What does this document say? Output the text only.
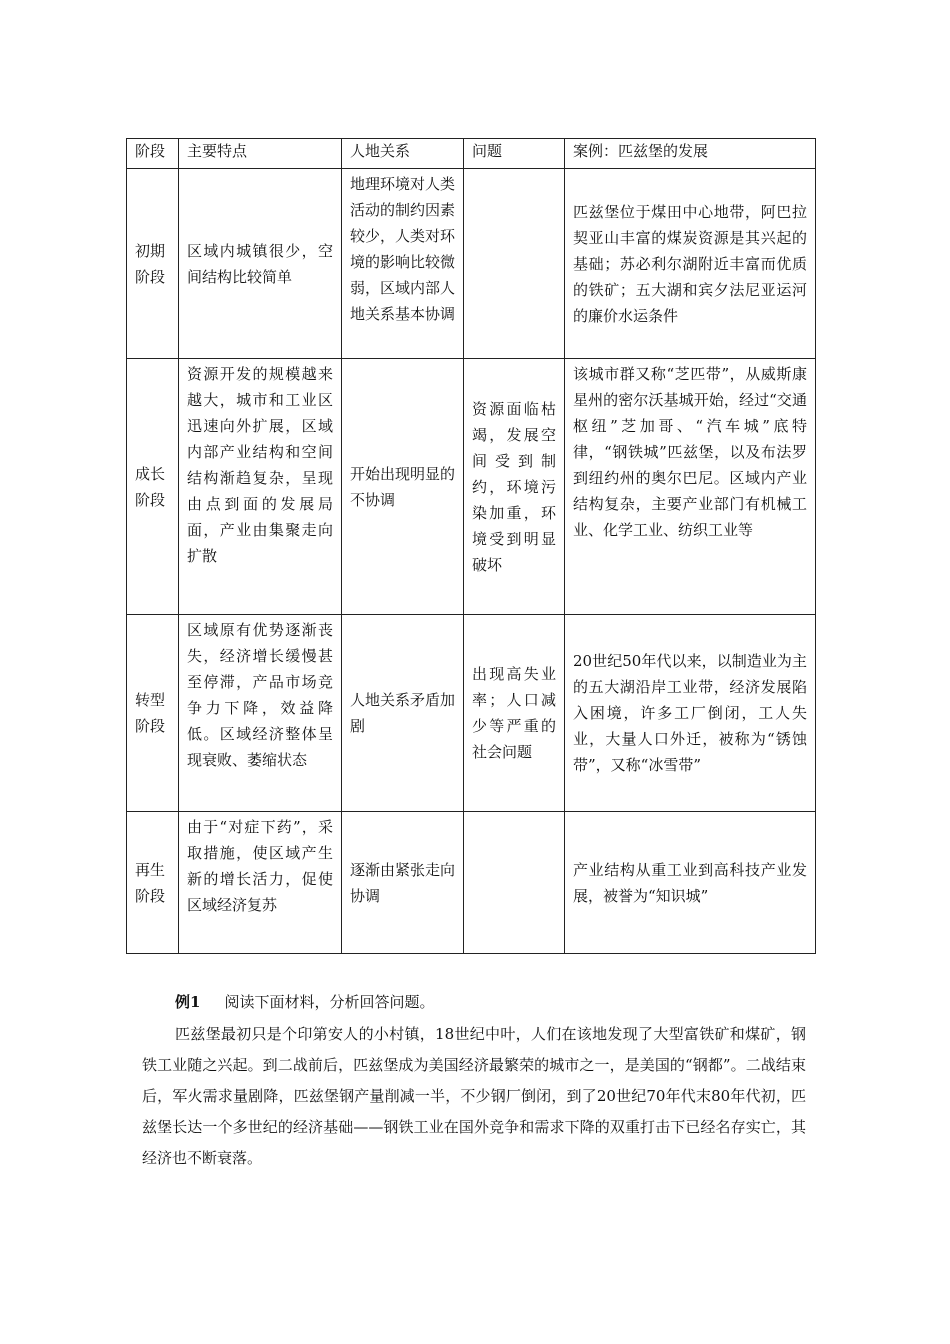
阶段	主要特点	人地关系	问题	案例：匹兹堡的发展
初期阶段	区域内城镇很少，空间结构比较简单	地理环境对人类活动的制约因素较少，人类对环境的影响比较微弱，区域内部人地关系基本协调		匹兹堡位于煤田中心地带，阿巴拉契亚山丰富的煤炭资源是其兴起的基础；苏必利尔湖附近丰富而优质的铁矿；五大湖和宾夕法尼亚运河的廉价水运条件
成长阶段	资源开发的规模越来越大，城市和工业区迅速向外扩展，区域内部产业结构和空间结构渐趋复杂，呈现由点到面的发展局面，产业由集聚走向扩散	开始出现明显的不协调	资源面临枯竭，发展空间受到制约，环境污染加重，环境受到明显破坏	该城市群又称“芝匹带”，从威斯康星州的密尔沃基城开始，经过“交通枢纽”芝加哥、“汽车城”底特律，“钢铁城”匹兹堡，以及布法罗到纽约州的奥尔巴尼。区域内产业结构复杂，主要产业部门有机械工业、化学工业、纺织工业等
转型阶段	区域原有优势逐渐丧失，经济增长缓慢甚至停滞，产品市场竞争力下降，效益降低。区域经济整体呈现衰败、萎缩状态	人地关系矛盾加剧	出现高失业率；人口减少等严重的社会问题	20世纪50年代以来，以制造业为主的五大湖沿岸工业带，经济发展陷入困境，许多工厂倒闭，工人失业，大量人口外迁，被称为“锈蚀带”，又称“冰雪带”
再生阶段	由于“对症下药”，采取措施，使区域产生新的增长活力，促使区域经济复苏	逐渐由紧张走向协调		产业结构从重工业到高科技产业发展，被誉为“知识城”

例1 阅读下面材料，分析回答问题。

匹兹堡最初只是个印第安人的小村镇，18世纪中叶，人们在该地发现了大型富铁矿和煤矿，钢铁工业随之兴起。到二战前后，匹兹堡成为美国经济最繁荣的城市之一，是美国的“钢都”。二战结束后，军火需求量剧降，匹兹堡钢产量削减一半，不少钢厂倒闭，到了20世纪70年代末80年代初，匹兹堡长达一个多世纪的经济基础——钢铁工业在国外竞争和需求下降的双重打击下已经名存实亡，其经济也不断衰落。
